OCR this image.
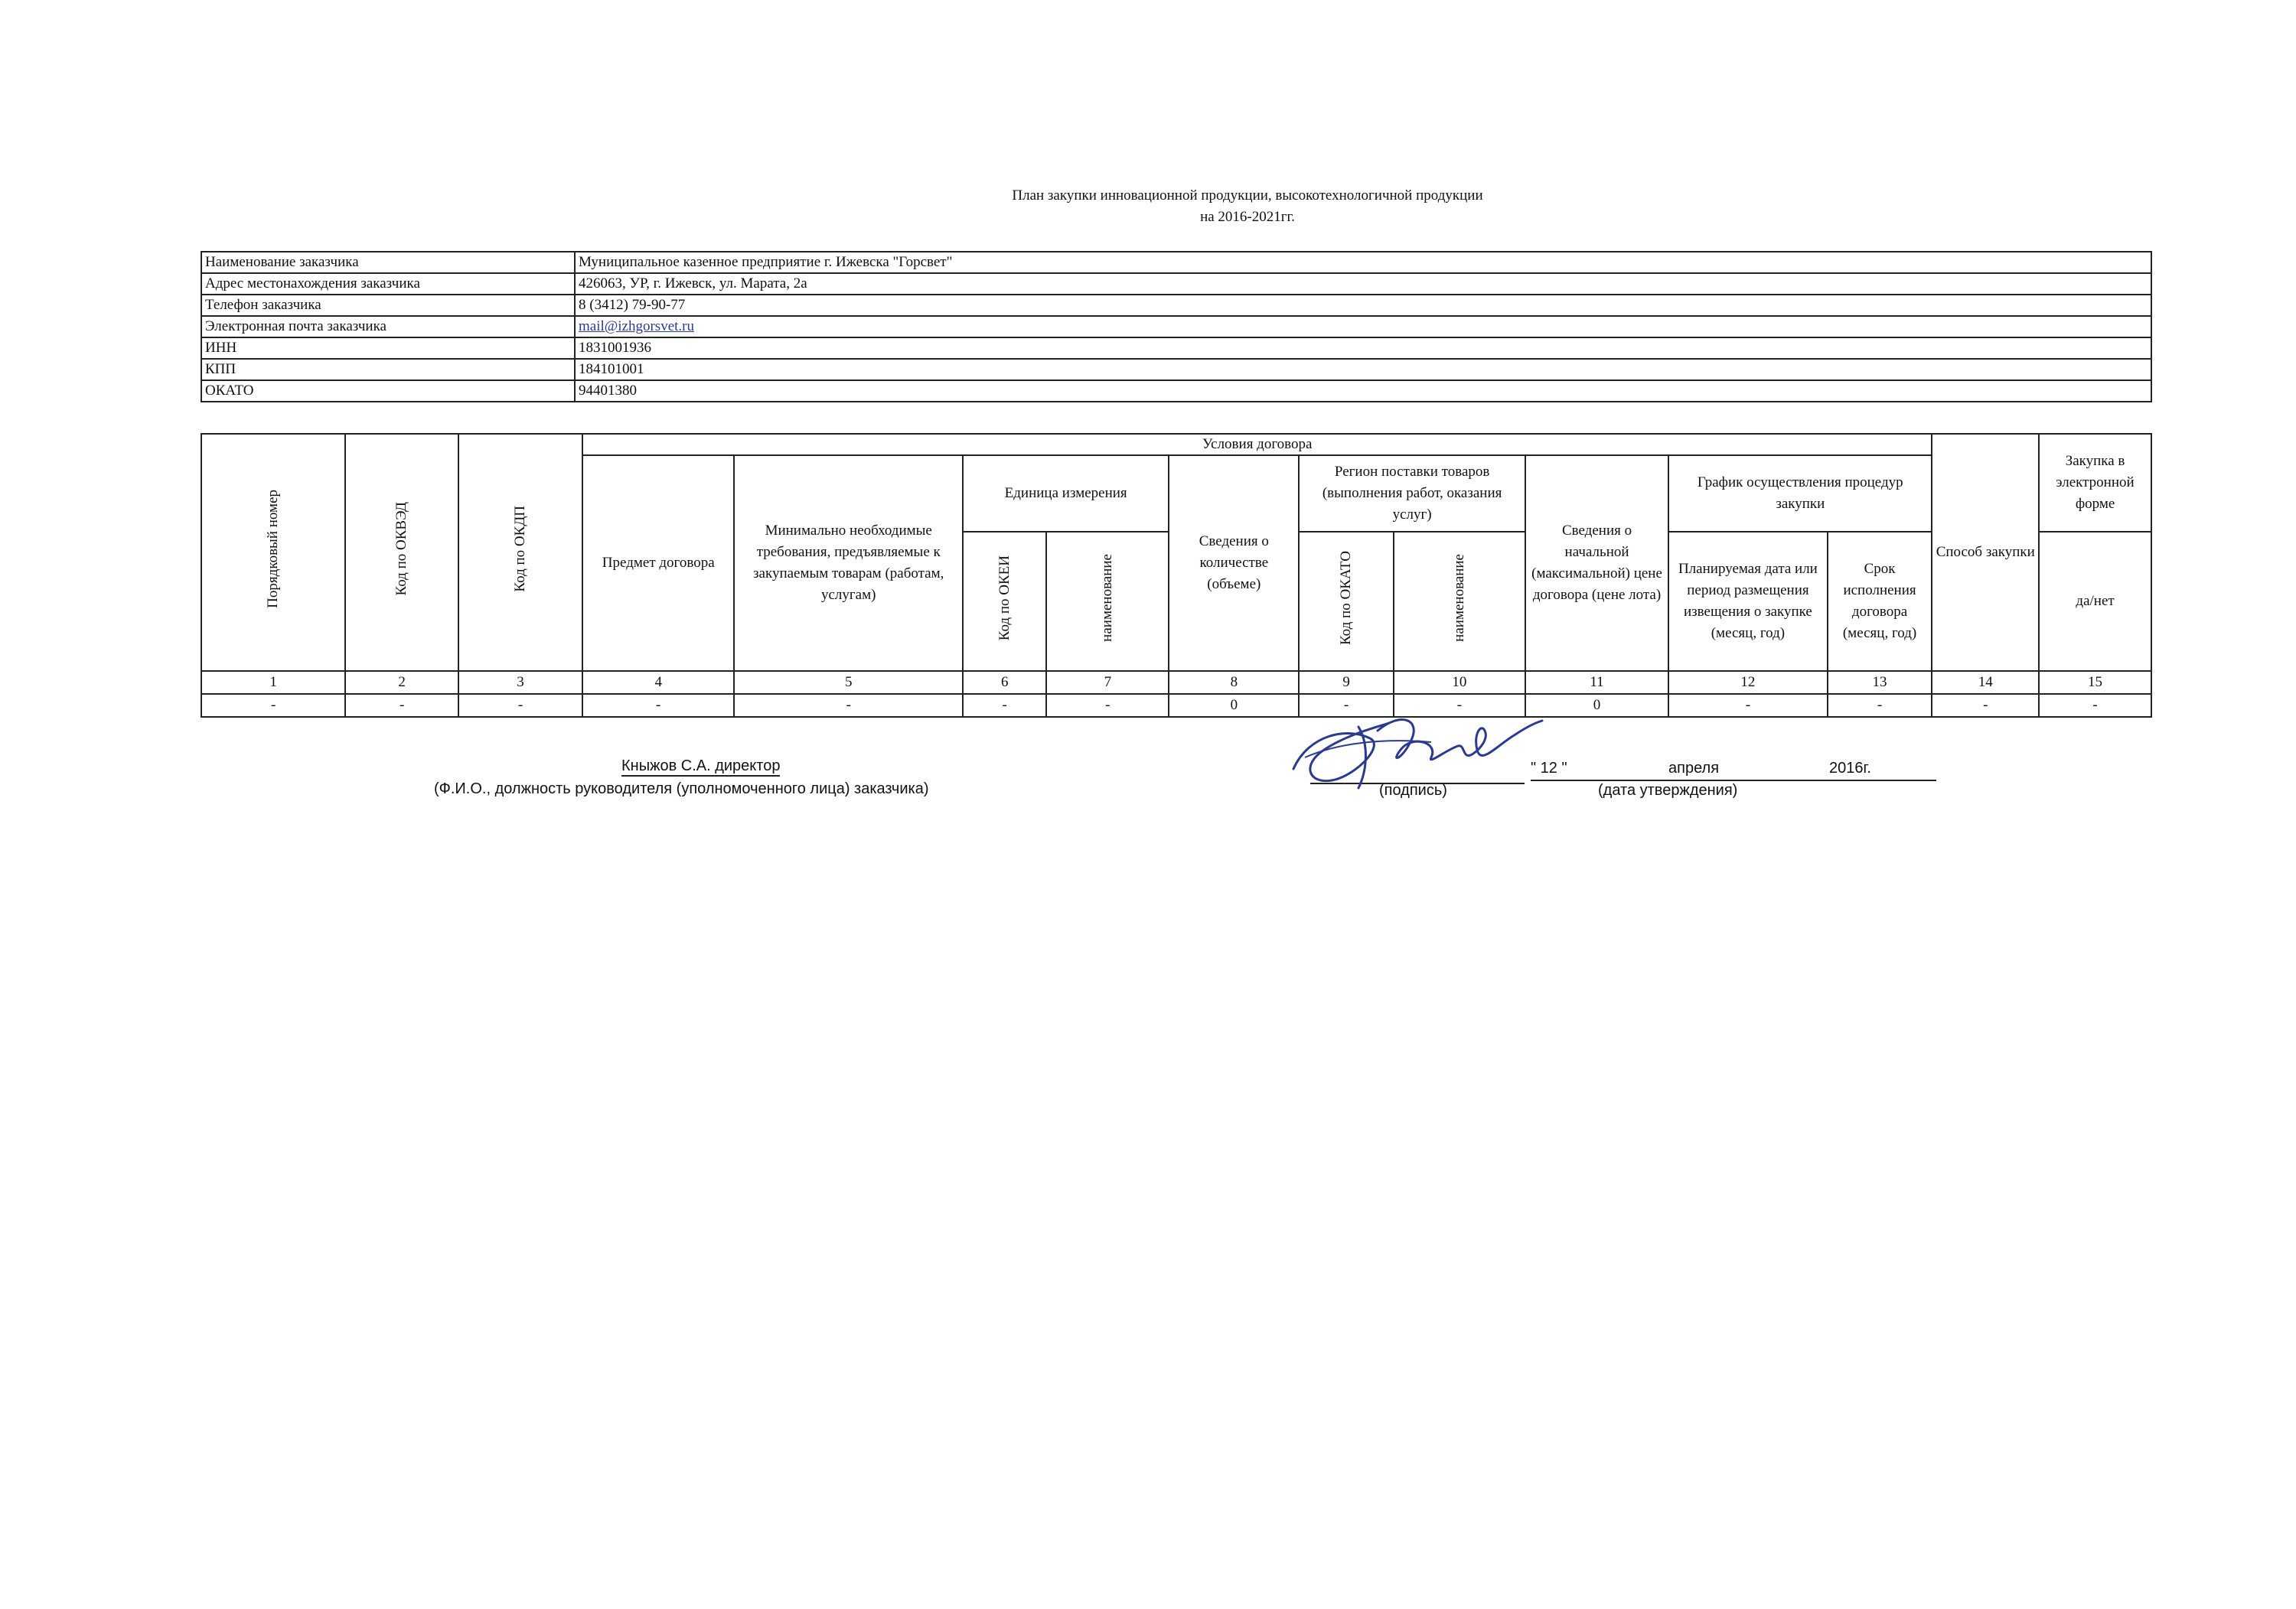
План закупки инновационной продукции, высокотехнологичной продукции
на 2016-2021гг.
Наименование заказчика	Муниципальное казенное предприятие г. Ижевска "Горсвет"
Адрес местонахождения заказчика	426063, УР, г. Ижевск, ул. Марата, 2а
Телефон заказчика	8 (3412) 79-90-77
Электронная почта заказчика	mail@izhgorsvet.ru
ИНН	1831001936
КПП	184101001
ОКАТО	94401380
Порядковый номер	Код по ОКВЭД	Код по ОКДП	Условия договора										Способ закупки	Закупка в электронной форме
			Предмет договора	Минимально необходимые требования, предъявляемые к закупаемым товарам (работам, услугам)	Единица измерения		Сведения о количестве (объеме)	Регион поставки товаров (выполнения работ, оказания услуг)		Сведения о начальной (максимальной) цене договора (цене лота)	График осуществления процедур закупки			
					Код по ОКЕИ	наименование		Код по ОКАТО	наименование		Планируемая дата или период размещения извещения о закупке (месяц, год)	Срок исполнения договора (месяц, год)		да/нет
1	2	3	4	5	6	7	8	9	10	11	12	13	14	15
-	-	-	-	-	-	-	0	-	-	0	-	-	-	-
Кныжов С.А. директор
(Ф.И.О., должность руководителя (уполномоченного лица) заказчика)	(подпись)
" 12 "	апреля	2016г.
(дата утверждения)
